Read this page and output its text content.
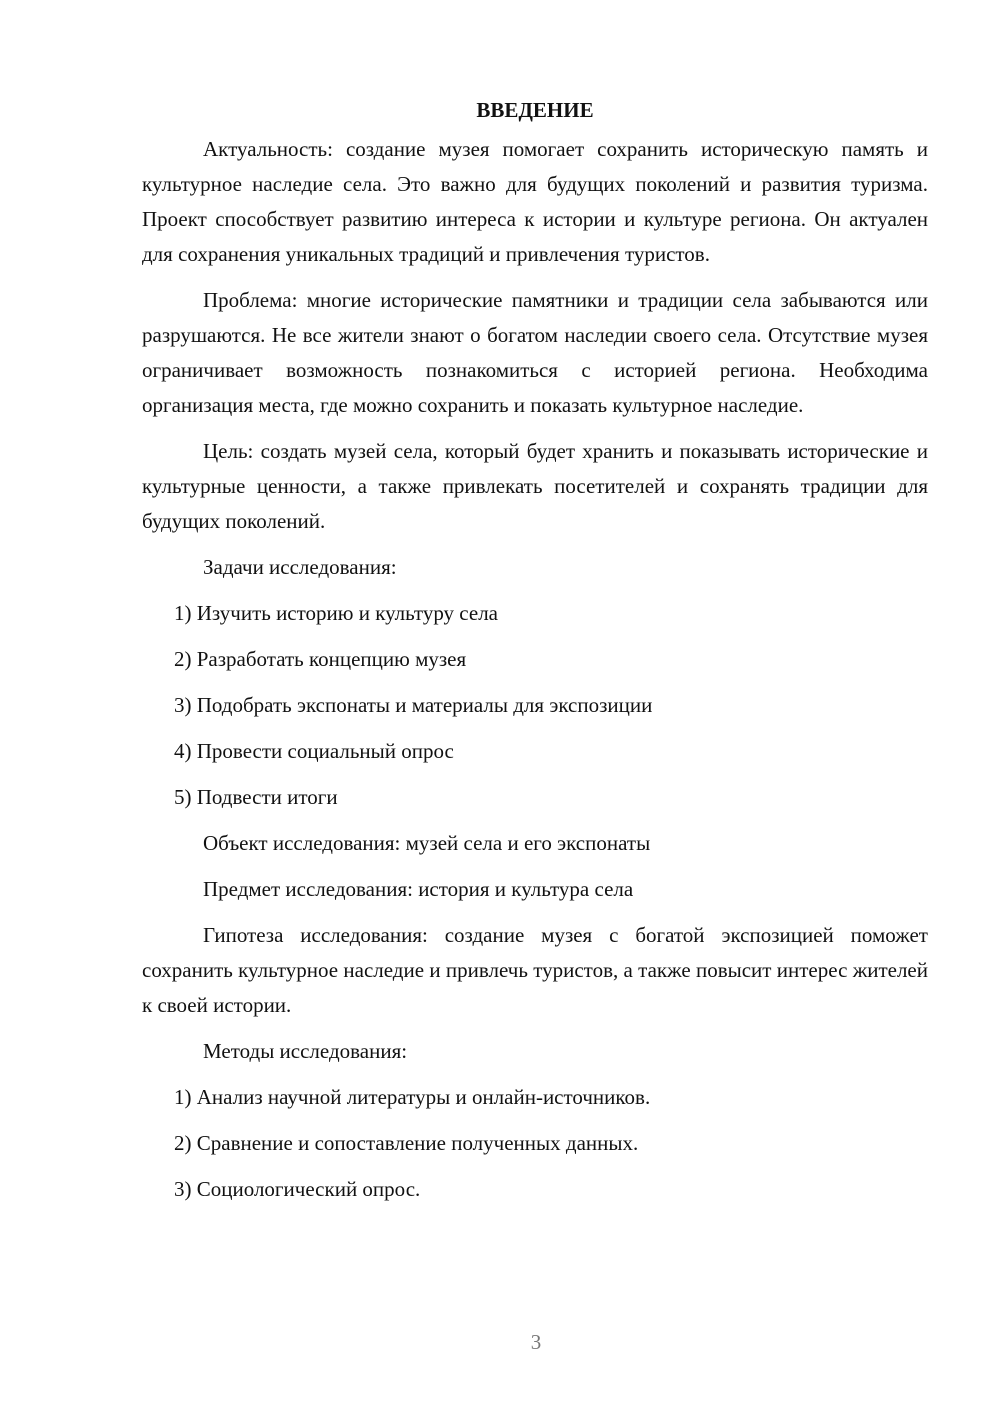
ВВЕДЕНИЕ

Актуальность: создание музея помогает сохранить историческую память и культурное наследие села. Это важно для будущих поколений и развития туризма. Проект способствует развитию интереса к истории и культуре региона. Он актуален для сохранения уникальных традиций и привлечения туристов.

Проблема: многие исторические памятники и традиции села забываются или разрушаются. Не все жители знают о богатом наследии своего села. Отсутствие музея ограничивает возможность познакомиться с историей региона. Необходима организация места, где можно сохранить и показать культурное наследие.

Цель: создать музей села, который будет хранить и показывать исторические и культурные ценности, а также привлекать посетителей и сохранять традиции для будущих поколений.

Задачи исследования:
1) Изучить историю и культуру села
2) Разработать концепцию музея
3) Подобрать экспонаты и материалы для экспозиции
4) Провести социальный опрос
5) Подвести итоги
Объект исследования: музей села и его экспонаты
Предмет исследования: история и культура села

Гипотеза исследования: создание музея с богатой экспозицией поможет сохранить культурное наследие и привлечь туристов, а также повысит интерес жителей к своей истории.

Методы исследования:
1) Анализ научной литературы и онлайн-источников.
2) Сравнение и сопоставление полученных данных.
3) Социологический опрос.
3
